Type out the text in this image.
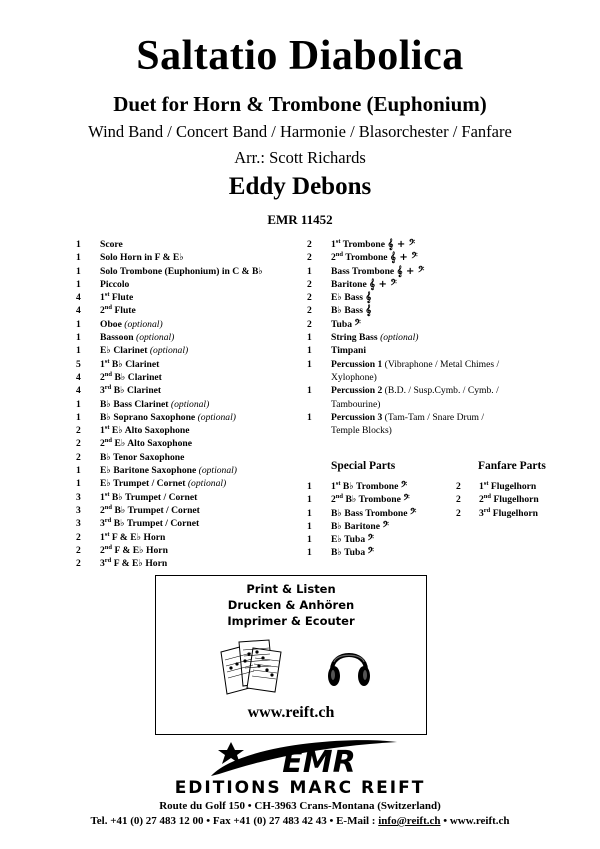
Saltatio Diabolica
Duet for Horn & Trombone (Euphonium)
Wind Band / Concert Band / Harmonie / Blasorchester / Fanfare
Arr.: Scott Richards
Eddy Debons
EMR 11452
1	Score
1	Solo Horn in F & E♭
1	Solo Trombone (Euphonium) in C & B♭
1	Piccolo
4	1st Flute
4	2nd Flute
1	Oboe (optional)
1	Bassoon (optional)
1	E♭ Clarinet (optional)
5	1st B♭ Clarinet
4	2nd B♭ Clarinet
4	3rd B♭ Clarinet
1	B♭ Bass Clarinet (optional)
1	B♭ Soprano Saxophone (optional)
2	1st E♭ Alto Saxophone
2	2nd E♭ Alto Saxophone
2	B♭ Tenor Saxophone
1	E♭ Baritone Saxophone (optional)
1	E♭ Trumpet / Cornet (optional)
3	1st B♭ Trumpet / Cornet
3	2nd B♭ Trumpet / Cornet
3	3rd B♭ Trumpet / Cornet
2	1st F & E♭ Horn
2	2nd F & E♭ Horn
2	3rd F & E♭ Horn
2	1st Trombone 𝄞 + 𝄢
2	2nd Trombone 𝄞 + 𝄢
1	Bass Trombone 𝄞 + 𝄢
2	Baritone 𝄞 + 𝄢
2	E♭ Bass 𝄞
2	B♭ Bass 𝄞
2	Tuba 𝄢
1	String Bass (optional)
1	Timpani
1	Percussion 1 (Vibraphone / Metal Chimes /
Xylophone)
1	Percussion 2 (B.D. / Susp.Cymb. / Cymb. /
Tambourine)
1	Percussion 3 (Tam-Tam / Snare Drum /
Temple Blocks)
Special Parts	Fanfare Parts
1	1st B♭ Trombone 𝄢
1	2nd B♭ Trombone 𝄢
1	B♭ Bass Trombone 𝄢
1	B♭ Baritone 𝄢
1	E♭ Tuba 𝄢
1	B♭ Tuba 𝄢
2	1st Flugelhorn
2	2nd Flugelhorn
2	3rd Flugelhorn
Print & Listen
Drucken & Anhören
Imprimer & Ecouter
www.reift.ch
EMR
EDITIONS MARC REIFT
Route du Golf 150 • CH-3963 Crans-Montana (Switzerland)
Tel. +41 (0) 27 483 12 00 • Fax +41 (0) 27 483 42 43 • E-Mail : info@reift.ch • www.reift.ch
